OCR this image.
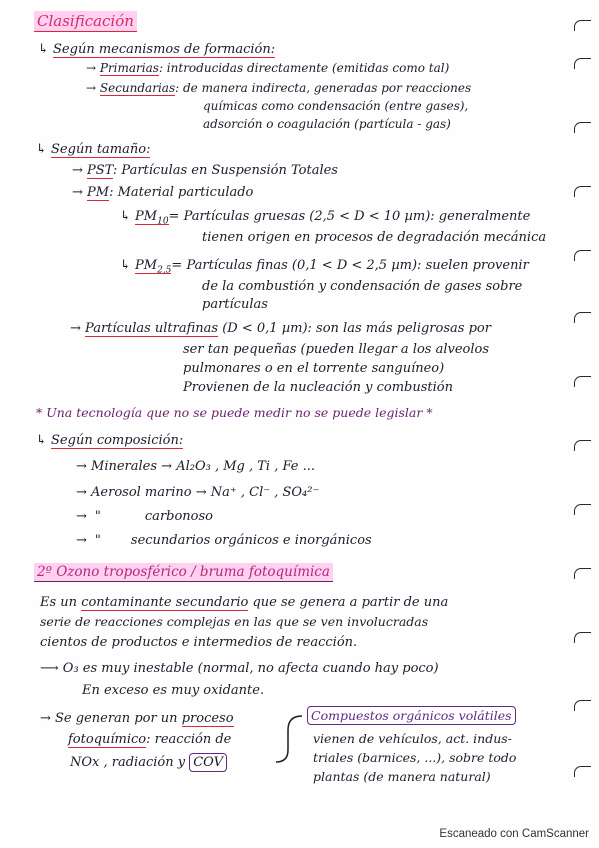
Clasificación
↳ Según mecanismos de formación:
→ Primarias: introducidas directamente (emitidas como tal)
→ Secundarias: de manera indirecta, generadas por reacciones
químicas como condensación (entre gases),
adsorción o coagulación (partícula - gas)
↳ Según tamaño:
→ PST: Partículas en Suspensión Totales
→ PM: Material particulado
↳ $PM_{10}=$ Partículas gruesas (2,5 < D < 10 µm): generalmente
tienen origen en procesos de degradación mecánica
↳ $PM_{2,5}=$ Partículas finas (0,1 < D < 2,5 µm): suelen provenir
de la combustión y condensación de gases sobre
partículas
→ Partículas ultrafinas (D < 0,1 µm): son las más peligrosas por
ser tan pequeñas (pueden llegar a los alveolos
pulmonares o en el torrente sanguíneo)
Provienen de la nucleación y combustión
* Una tecnología que no se puede medir no se puede legislar *
↳ Según composición:
→ Minerales → Al₂O₃ , Mg , Ti , Fe ...
→ Aerosol marino → Na⁺ , Cl⁻ , SO₄²⁻
→ "	carbonoso
→ " secundarios orgánicos e inorgánicos
2º Ozono troposférico / bruma fotoquímica
Es un contaminante secundario que se genera a partir de una
serie de reacciones complejas en las que se ven involucradas
cientos de productos e intermedios de reacción.
⟶ O₃ es muy inestable (normal, no afecta cuando hay poco)
En exceso es muy oxidante.
→ Se generan por un proceso
fotoquímico: reacción de
NOx , radiación y COV
Compuestos orgánicos volátiles
vienen de vehículos, act. indus-
triales (barnices, ...), sobre todo
plantas (de manera natural)
Escaneado con CamScanner
